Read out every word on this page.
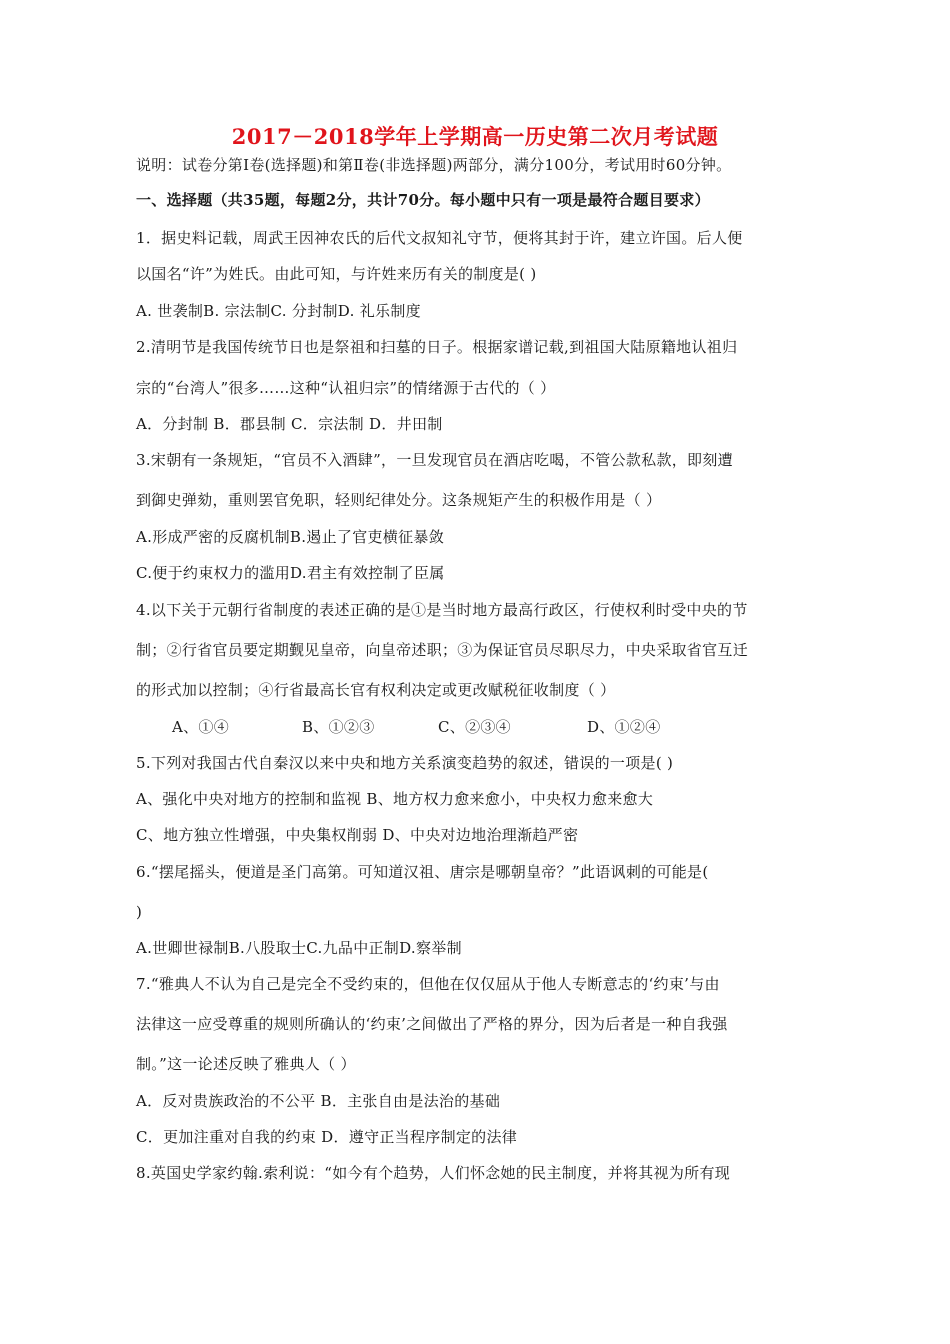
2017－2018学年上学期高一历史第二次月考试题
说明：试卷分第Ⅰ卷(选择题)和第Ⅱ卷(非选择题)两部分，满分100分，考试用时60分钟。
一、选择题（共35题，每题2分，共计70分。每小题中只有一项是最符合题目要求）
1．据史料记载，周武王因神农氏的后代文叔知礼守节，便将其封于许，建立许国。后人便
以国名“许”为姓氏。由此可知，与许姓来历有关的制度是( )
A. 世袭制B. 宗法制C. 分封制D. 礼乐制度
2.清明节是我国传统节日也是祭祖和扫墓的日子。根据家谱记载,到祖国大陆原籍地认祖归
宗的“台湾人”很多……这种“认祖归宗”的情绪源于古代的（ ）
A．分封制 B．郡县制 C．宗法制 D．井田制
3.宋朝有一条规矩，“官员不入酒肆”，一旦发现官员在酒店吃喝，不管公款私款，即刻遭
到御史弹劾，重则罢官免职，轻则纪律处分。这条规矩产生的积极作用是（ ）
A.形成严密的反腐机制B.遏止了官吏横征暴敛
C.便于约束权力的滥用D.君主有效控制了臣属
4.以下关于元朝行省制度的表述正确的是①是当时地方最高行政区，行使权利时受中央的节
制；②行省官员要定期觐见皇帝，向皇帝述职；③为保证官员尽职尽力，中央采取省官互迁
的形式加以控制；④行省最高长官有权利决定或更改赋税征收制度（ ）
A、①④	B、①②③	C、②③④	D、①②④
5.下列对我国古代自秦汉以来中央和地方关系演变趋势的叙述，错误的一项是( )
A、强化中央对地方的控制和监视 B、地方权力愈来愈小，中央权力愈来愈大
C、地方独立性增强，中央集权削弱 D、中央对边地治理渐趋严密
6.“摆尾摇头，便道是圣门高第。可知道汉祖、唐宗是哪朝皇帝？”此语讽刺的可能是(
)
A.世卿世禄制B.八股取士C.九品中正制D.察举制
7.“雅典人不认为自己是完全不受约束的，但他在仅仅屈从于他人专断意志的‘约束’与由
法律这一应受尊重的规则所确认的‘约束’之间做出了严格的界分，因为后者是一种自我强
制。”这一论述反映了雅典人（ ）
A．反对贵族政治的不公平 B．主张自由是法治的基础
C．更加注重对自我的约束 D．遵守正当程序制定的法律
8.英国史学家约翰.索利说：“如今有个趋势，人们怀念她的民主制度，并将其视为所有现
